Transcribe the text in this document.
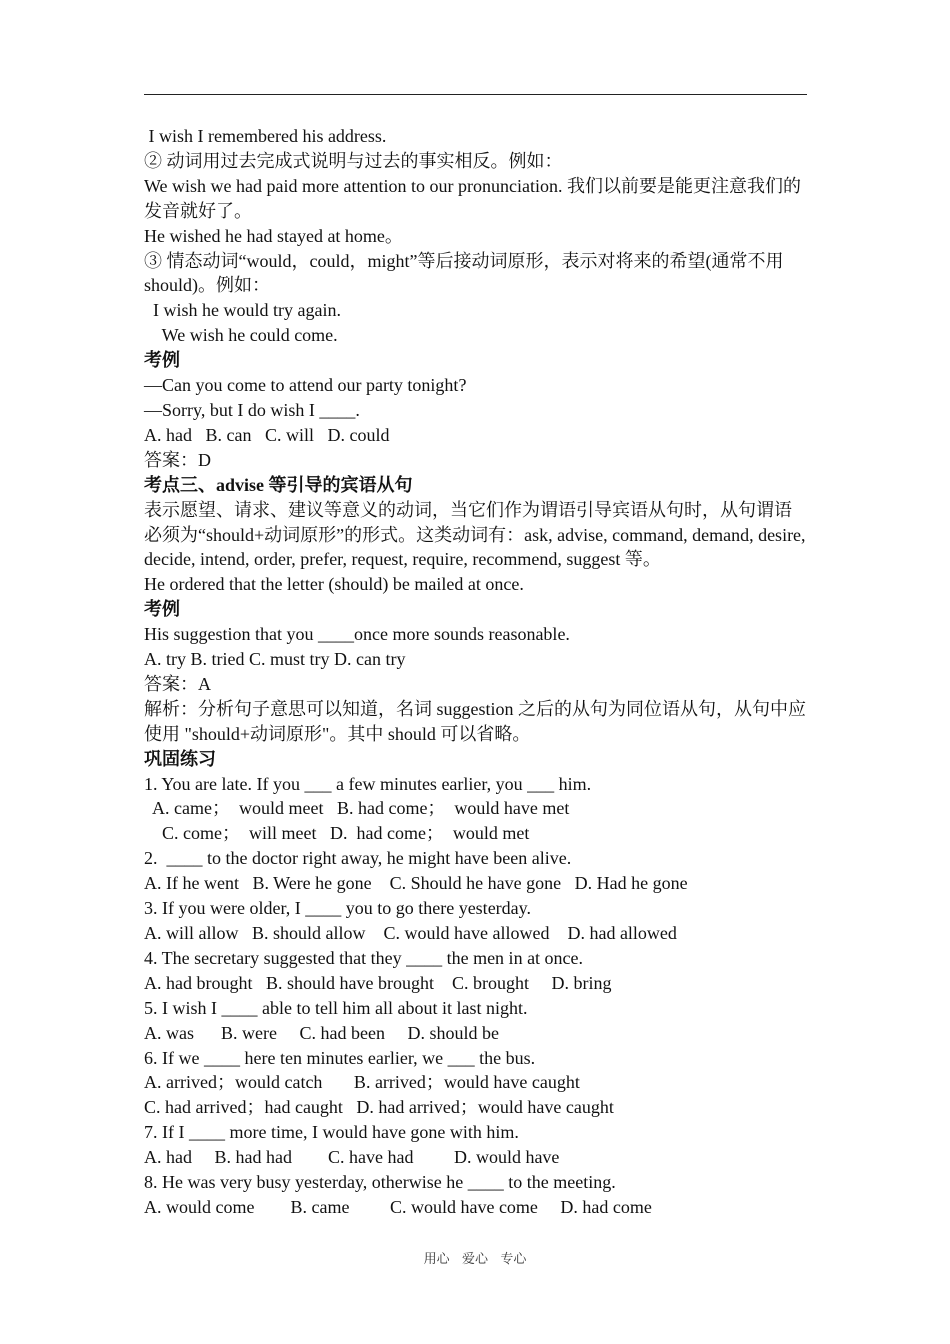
I wish I remembered his address.

② 动词用过去完成式说明与过去的事实相反。例如：

We wish we had paid more attention to our pronunciation. 我们以前要是能更注意我们的发音就好了。

He wished he had stayed at home。

③ 情态动词“would，could，might”等后接动词原形，表示对将来的希望(通常不用 should)。例如：

I wish he would try again.

We wish he could come.

考例

—Can you come to attend our party tonight?

—Sorry, but I do wish I ____.

A. had   B. can   C. will   D. could

答案：D

考点三、advise 等引导的宾语从句

表示愿望、请求、建议等意义的动词，当它们作为谓语引导宾语从句时，从句谓语必须为“should+动词原形”的形式。这类动词有：ask, advise, command, demand, desire, decide, intend, order, prefer, request, require, recommend, suggest 等。

He ordered that the letter (should) be mailed at once.

考例

His suggestion that you ____once more sounds reasonable.

A. try B. tried C. must try D. can try

答案：A

解析：分析句子意思可以知道，名词 suggestion 之后的从句为同位语从句，从句中应使用 "should+动词原形"。其中 should 可以省略。

巩固练习

1. You are late. If you ___ a few minutes earlier, you ___ him.

A. came；  would meet   B. had come；  would have met

C. come；  will meet   D.  had come；  would met

2.  ____ to the doctor right away, he might have been alive.

A. If he went   B. Were he gone    C. Should he have gone   D. Had he gone

3. If you were older, I ____ you to go there yesterday.

A. will allow   B. should allow    C. would have allowed    D. had allowed

4. The secretary suggested that they ____ the men in at once.

A. had brought   B. should have brought    C. brought     D. bring

5. I wish I ____ able to tell him all about it last night.

A. was      B. were     C. had been     D. should be

6. If we ____ here ten minutes earlier, we ___ the bus.

A. arrived；would catch       B. arrived；would have caught

C. had arrived；had caught   D. had arrived；would have caught

7. If I ____ more time, I would have gone with him.

A. had     B. had had        C. have had         D. would have

8. He was very busy yesterday, otherwise he ____ to the meeting.

A. would come        B. came         C. would have come     D. had come

用心   爱心   专心
